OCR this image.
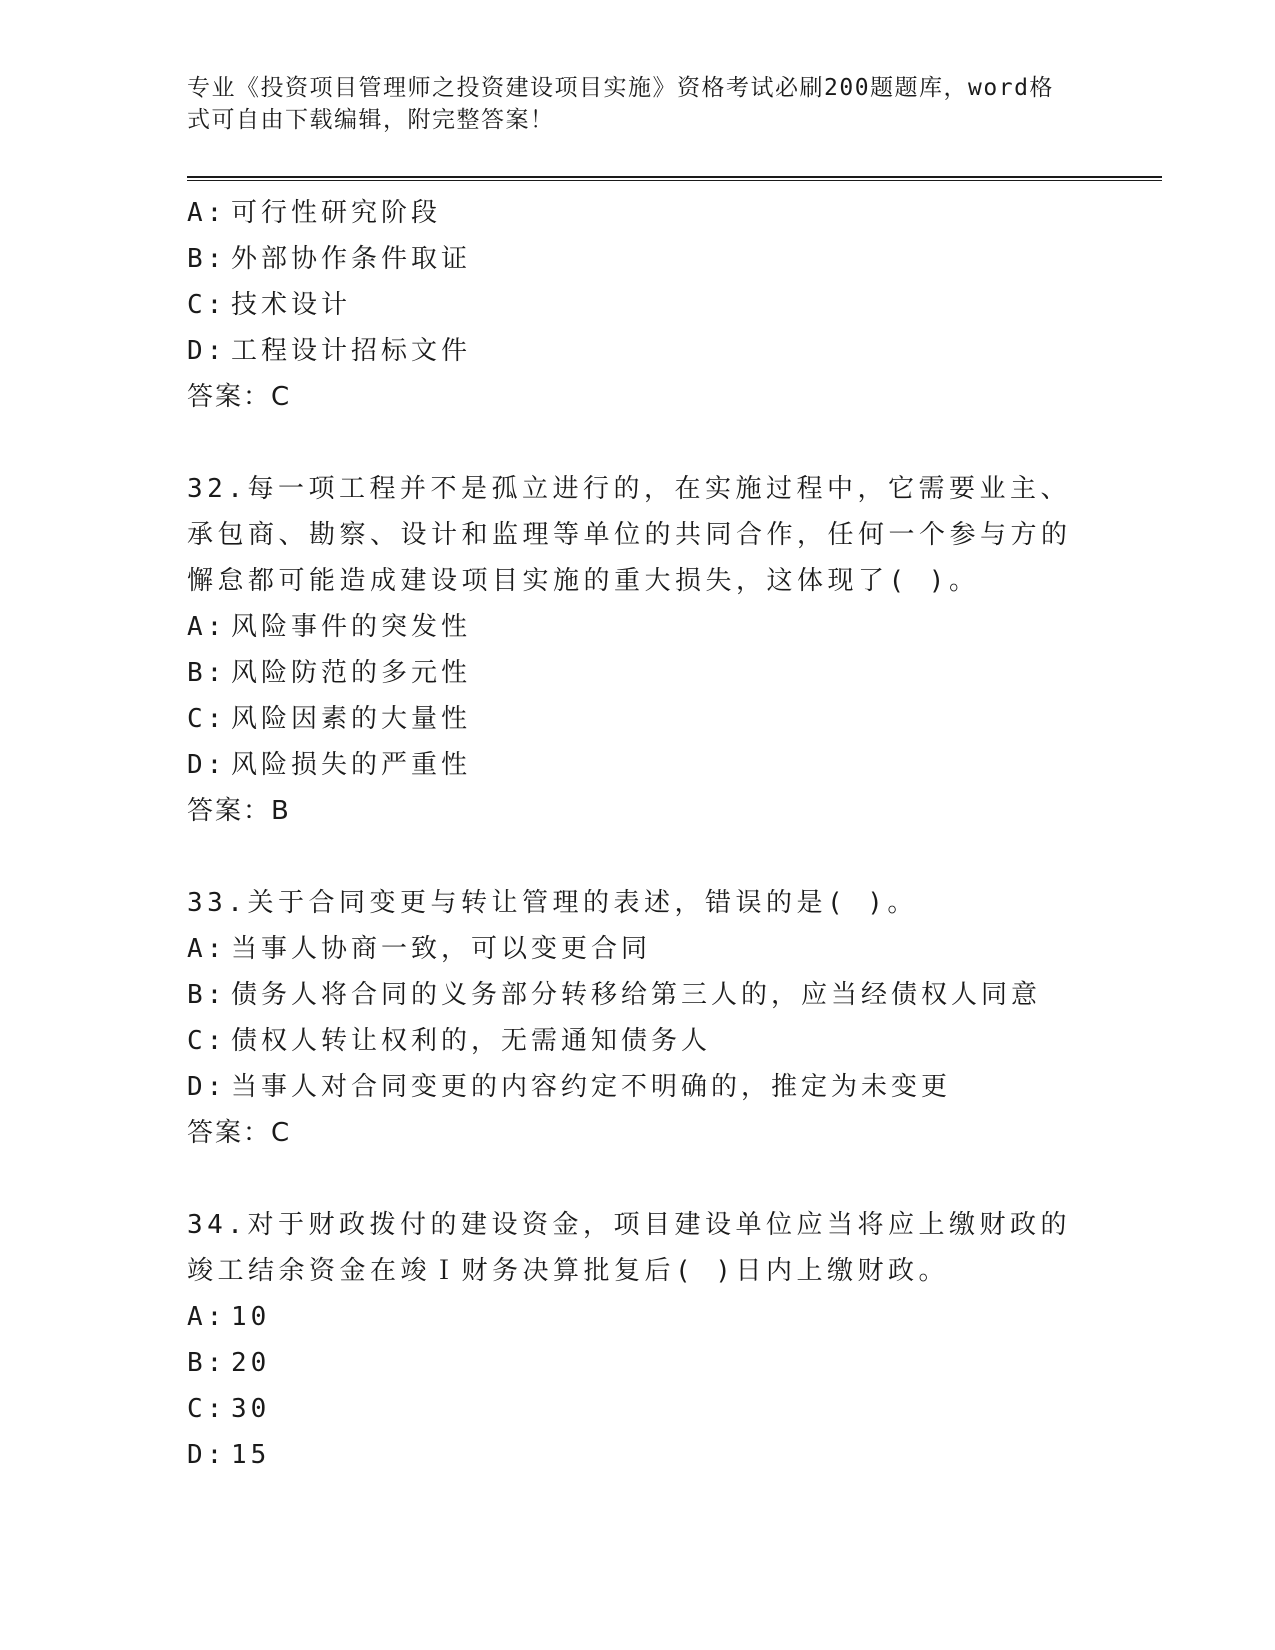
专业《投资项目管理师之投资建设项目实施》资格考试必刷200题题库，word格式可自由下载编辑，附完整答案！
A: 可行性研究阶段
B: 外部协作条件取证
C: 技术设计
D: 工程设计招标文件
答案：C
32.每一项工程并不是孤立进行的，在实施过程中，它需要业主、承包商、勘察、设计和监理等单位的共同合作，任何一个参与方的懈怠都可能造成建设项目实施的重大损失，这体现了( )。
A: 风险事件的突发性
B: 风险防范的多元性
C: 风险因素的大量性
D: 风险损失的严重性
答案：B
33.关于合同变更与转让管理的表述，错误的是( )。
A: 当事人协商一致，可以变更合同
B: 债务人将合同的义务部分转移给第三人的，应当经债权人同意
C: 债权人转让权利的，无需通知债务人
D: 当事人对合同变更的内容约定不明确的，推定为未变更
答案：C
34.对于财政拨付的建设资金，项目建设单位应当将应上缴财政的竣工结余资金在竣Ｉ财务决算批复后( )日内上缴财政。
A: 10
B: 20
C: 30
D: 15
